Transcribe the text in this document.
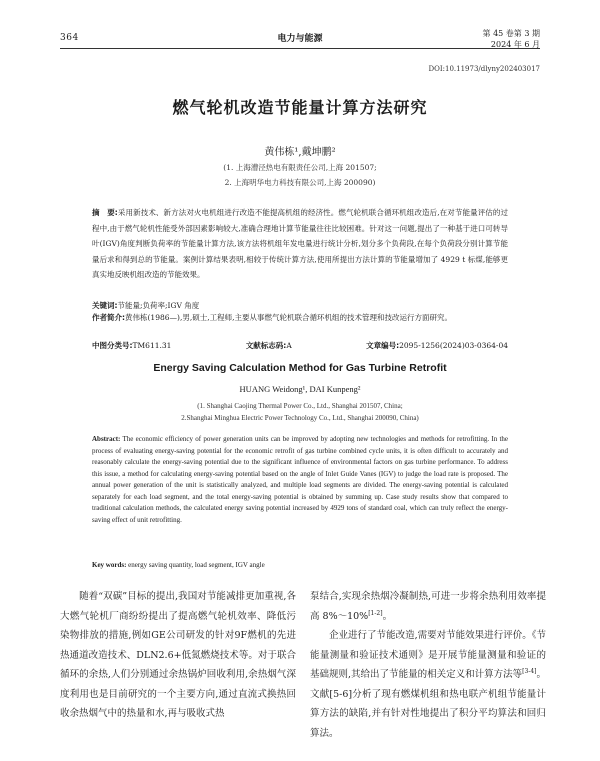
364	电力与能源
第 45 卷第 3 期
2024 年 6 月
DOI:10.11973/dlyny202403017
燃气轮机改造节能量计算方法研究
黄伟栋¹,戴坤鹏²
(1. 上海漕泾热电有限责任公司,上海 201507;
2. 上海明华电力科技有限公司,上海 200090)
摘　要:采用新技术、新方法对火电机组进行改造不能提高机组的经济性。燃气轮机联合循环机组改造后,在对节能量评估的过程中,由于燃气轮机性能受外部因素影响较大,准确合理地计算节能量往往比较困难。针对这一问题,提出了一种基于进口可转导叶(IGV)角度判断负荷率的节能量计算方法,该方法将机组年发电量进行统计分析,划分多个负荷段,在每个负荷段分别计算节能量后求和得到总的节能量。案例计算结果表明,相较于传统计算方法,使用所提出方法计算的节能量增加了 4929 t 标煤,能够更真实地反映机组改造的节能效果。
关键词:节能量;负荷率;IGV 角度
作者简介:黄伟栋(1986—),男,硕士,工程师,主要从事燃气轮机联合循环机组的技术管理和技改运行方面研究。
中图分类号:TM611.31	文献标志码:A	文章编号:2095-1256(2024)03-0364-04
Energy Saving Calculation Method for Gas Turbine Retrofit
HUANG Weidong¹, DAI Kunpeng²
(1. Shanghai Caojing Thermal Power Co., Ltd., Shanghai 201507, China;
2.Shanghai Minghua Electric Power Technology Co., Ltd., Shanghai 200090, China)
Abstract: The economic efficiency of power generation units can be improved by adopting new technologies and methods for retrofitting. In the process of evaluating energy-saving potential for the economic retrofit of gas turbine combined cycle units, it is often difficult to accurately and reasonably calculate the energy-saving potential due to the significant influence of environmental factors on gas turbine performance. To address this issue, a method for calculating energy-saving potential based on the angle of Inlet Guide Vanes (IGV) to judge the load rate is proposed. The annual power generation of the unit is statistically analyzed, and multiple load segments are divided. The energy-saving potential is calculated separately for each load segment, and the total energy-saving potential is obtained by summing up. Case study results show that compared to traditional calculation methods, the calculated energy saving potential increased by 4929 tons of standard coal, which can truly reflect the energy-saving effect of unit retrofitting.
Key words: energy saving quantity, load segment, IGV angle
随着“双碳”目标的提出,我国对节能减排更加重视,各大燃气轮机厂商纷纷提出了提高燃气轮机效率、降低污染物排放的措施,例如GE公司研发的针对9F燃机的先进热通道改造技术、DLN2.6+低氮燃烧技术等。对于联合循环的余热,人们分别通过余热锅炉回收利用,余热烟气深度利用也是目前研究的一个主要方向,通过直流式换热回收余热烟气中的热量和水,再与吸收式热
泵结合,实现余热烟冷凝制热,可进一步将余热利用效率提高 8%～10%[1-2]。
企业进行了节能改造,需要对节能效果进行评价。《节能量测量和验证技术通则》是开展节能量测量和验证的基础规则,其给出了节能量的相关定义和计算方法等[3-4]。文献[5-6]分析了现有燃煤机组和热电联产机组节能量计算方法的缺陷,并有针对性地提出了积分平均算法和回归算法。
